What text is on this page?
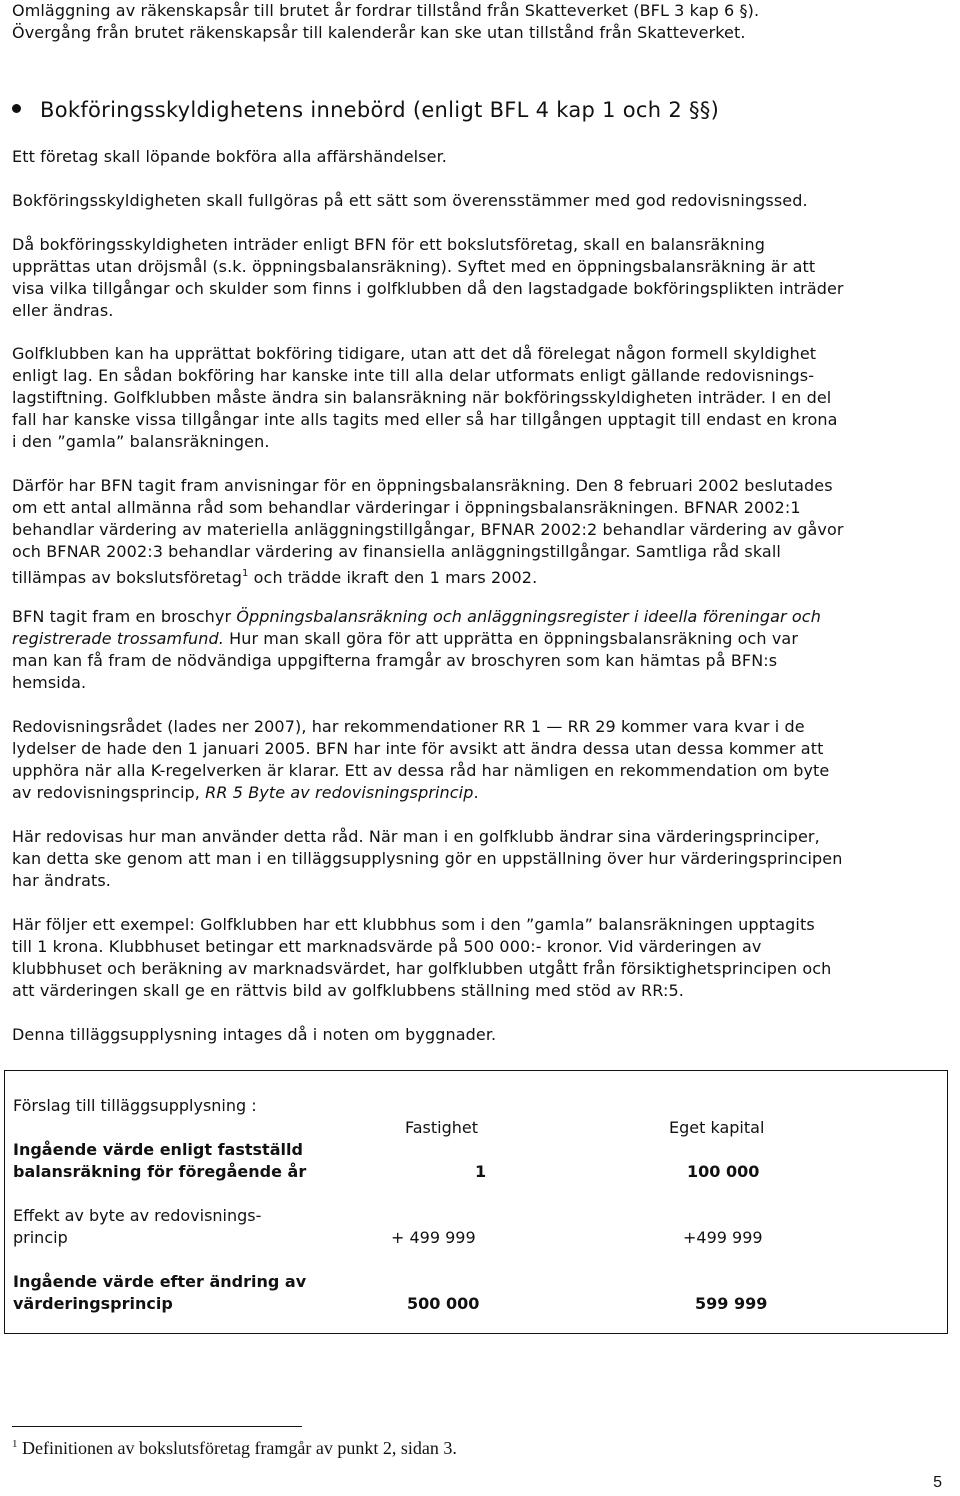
Omläggning av räkenskapsår till brutet år fordrar tillstånd från Skatteverket (BFL 3 kap 6 §).
Övergång från brutet räkenskapsår till kalenderår kan ske utan tillstånd från Skatteverket.
Bokföringsskyldighetens innebörd (enligt BFL 4 kap 1 och 2 §§)
Ett företag skall löpande bokföra alla affärshändelser.
Bokföringsskyldigheten skall fullgöras på ett sätt som överensstämmer med god redovisningssed.
Då bokföringsskyldigheten inträder enligt BFN för ett bokslutsföretag, skall en balansräkning
upprättas utan dröjsmål (s.k. öppningsbalansräkning). Syftet med en öppningsbalansräkning är att
visa vilka tillgångar och skulder som finns i golfklubben då den lagstadgade bokföringsplikten inträder
eller ändras.
Golfklubben kan ha upprättat bokföring tidigare, utan att det då förelegat någon formell skyldighet
enligt lag. En sådan bokföring har kanske inte till alla delar utformats enligt gällande redovisnings-
lagstiftning. Golfklubben måste ändra sin balansräkning när bokföringsskyldigheten inträder. I en del
fall har kanske vissa tillgångar inte alls tagits med eller så har tillgången upptagit till endast en krona
i den ”gamla” balansräkningen.
Därför har BFN tagit fram anvisningar för en öppningsbalansräkning. Den 8 februari 2002 beslutades
om ett antal allmänna råd som behandlar värderingar i öppningsbalansräkningen. BFNAR 2002:1
behandlar värdering av materiella anläggningstillgångar, BFNAR 2002:2 behandlar värdering av gåvor
och BFNAR 2002:3 behandlar värdering av finansiella anläggningstillgångar. Samtliga råd skall
tillämpas av bokslutsföretag$^1$ och trädde ikraft den 1 mars 2002.
BFN tagit fram en broschyr Öppningsbalansräkning och anläggningsregister i ideella föreningar och
registrerade trossamfund. Hur man skall göra för att upprätta en öppningsbalansräkning och var
man kan få fram de nödvändiga uppgifterna framgår av broschyren som kan hämtas på BFN:s
hemsida.
Redovisningsrådet (lades ner 2007), har rekommendationer RR 1 — RR 29 kommer vara kvar i de
lydelser de hade den 1 januari 2005. BFN har inte för avsikt att ändra dessa utan dessa kommer att
upphöra när alla K-regelverken är klarar. Ett av dessa råd har nämligen en rekommendation om byte
av redovisningsprincip, RR 5 Byte av redovisningsprincip.
Här redovisas hur man använder detta råd. När man i en golfklubb ändrar sina värderingsprinciper,
kan detta ske genom att man i en tilläggsupplysning gör en uppställning över hur värderingsprincipen
har ändrats.
Här följer ett exempel: Golfklubben har ett klubbhus som i den ”gamla” balansräkningen upptagits
till 1 krona. Klubbhuset betingar ett marknadsvärde på 500 000:- kronor. Vid värderingen av
klubbhuset och beräkning av marknadsvärdet, har golfklubben utgått från försiktighetsprincipen och
att värderingen skall ge en rättvis bild av golfklubbens ställning med stöd av RR:5.
Denna tilläggsupplysning intages då i noten om byggnader.
Förslag till tilläggsupplysning :
Fastighet	Eget kapital
Ingående värde enligt fastställd
balansräkning för föregående år	1	100 000
Effekt av byte av redovisnings-
princip	+ 499 999	+499 999
Ingående värde efter ändring av
värderingsprincip	500 000	599 999
$^1$ Definitionen av bokslutsföretag framgår av punkt 2, sidan 3.
5
